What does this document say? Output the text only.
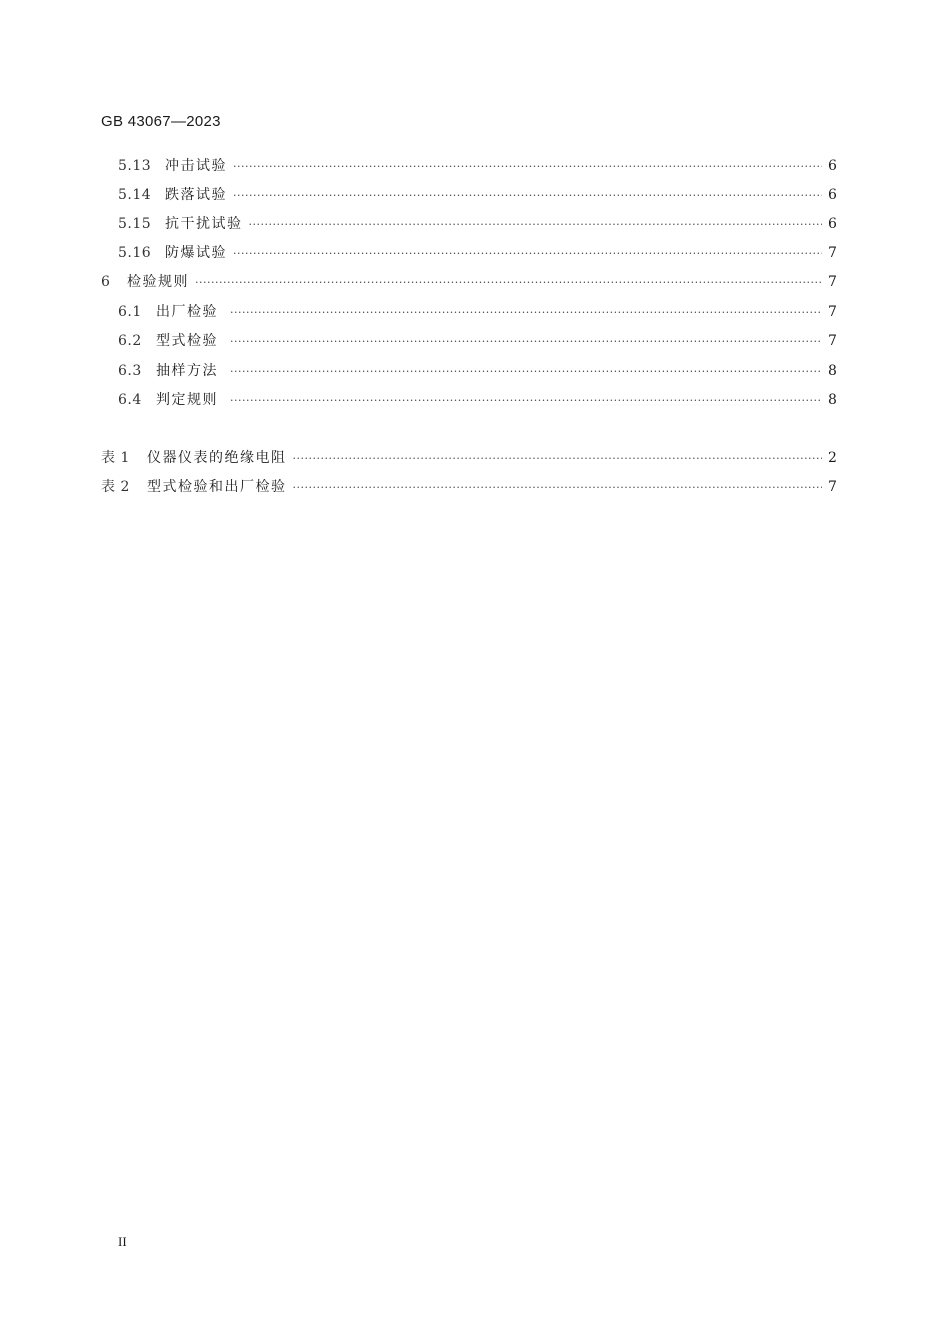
GB 43067—2023
5.13 冲击试验 ·····	6
5.14 跌落试验 ·····	6
5.15 抗干扰试验 ·····	6
5.16 防爆试验 ·····	7
6	检验规则 ·····	7
6.1	出厂检验 ·····	7
6.2	型式检验 ·····	7
6.3	抽样方法 ·····	8
6.4	判定规则 ·····	8
表 1	仪器仪表的绝缘电阻 ·····	2
表 2	型式检验和出厂检验 ·····	7
II
